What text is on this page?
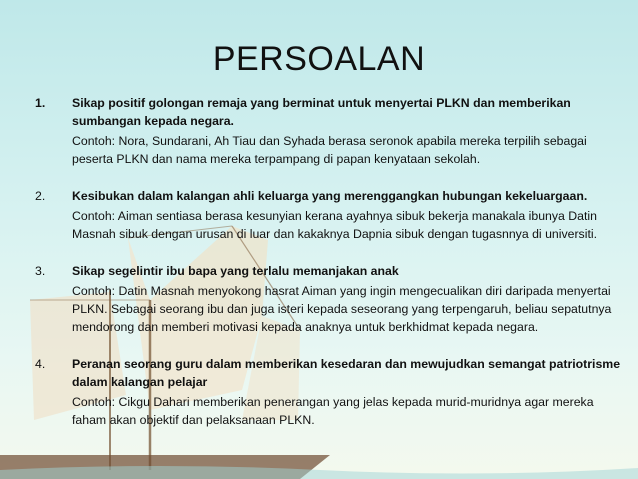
PERSOALAN
1.	Sikap positif golongan remaja yang berminat untuk menyertai PLKN dan memberikan sumbangan kepada negara.
Contoh: Nora, Sundarani, Ah Tiau dan Syhada berasa seronok apabila mereka terpilih sebagai peserta PLKN dan nama mereka terpampang di papan kenyataan sekolah.
2.	Kesibukan dalam kalangan ahli keluarga yang merenggangkan hubungan kekeluargaan.
Contoh: Aiman sentiasa berasa kesunyian kerana ayahnya sibuk bekerja manakala ibunya Datin Masnah sibuk dengan urusan di luar dan kakaknya Dapnia sibuk dengan tugasnnya di universiti.
3.	Sikap segelintir ibu bapa yang terlalu memanjakan anak
Contoh: Datin Masnah menyokong hasrat Aiman yang ingin mengecualikan diri daripada menyertai PLKN. Sebagai seorang ibu dan juga isteri kepada seseorang yang terpengaruh, beliau sepatutnya mendorong dan memberi motivasi kepada anaknya untuk berkhidmat kepada negara.
4.	Peranan seorang guru dalam memberikan kesedaran dan mewujudkan semangat patriotrisme dalam kalangan pelajar
Contoh: Cikgu Dahari memberikan penerangan yang jelas kepada murid-muridnya agar mereka faham akan objektif dan pelaksanaan PLKN.
